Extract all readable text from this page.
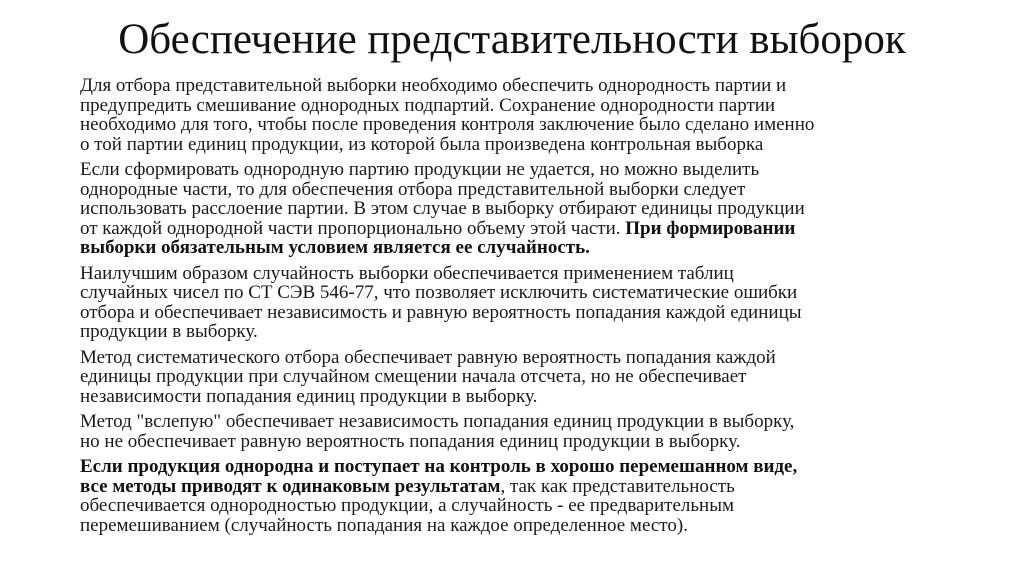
Обеспечение представительности выборок

Для отбора представительной выборки необходимо обеспечить однородность партии и
предупредить смешивание однородных подпартий. Сохранение однородности партии
необходимо для того, чтобы после проведения контроля заключение было сделано именно
о той партии единиц продукции, из которой была произведена контрольная выборка

Если сформировать однородную партию продукции не удается, но можно выделить
однородные части, то для обеспечения отбора представительной выборки следует
использовать расслоение партии. В этом случае в выборку отбирают единицы продукции
от каждой однородной части пропорционально объему этой части. При формировании
выборки обязательным условием является ее случайность.

Наилучшим образом случайность выборки обеспечивается применением таблиц
случайных чисел по СТ СЭВ 546-77, что позволяет исключить систематические ошибки
отбора и обеспечивает независимость и равную вероятность попадания каждой единицы
продукции в выборку.

Метод систематического отбора обеспечивает равную вероятность попадания каждой
единицы продукции при случайном смещении начала отсчета, но не обеспечивает
независимости попадания единиц продукции в выборку.

Метод "вслепую" обеспечивает независимость попадания единиц продукции в выборку,
но не обеспечивает равную вероятность попадания единиц продукции в выборку.

Если продукция однородна и поступает на контроль в хорошо перемешанном виде,
все методы приводят к одинаковым результатам, так как представительность
обеспечивается однородностью продукции, а случайность - ее предварительным
перемешиванием (случайность попадания на каждое определенное место).
